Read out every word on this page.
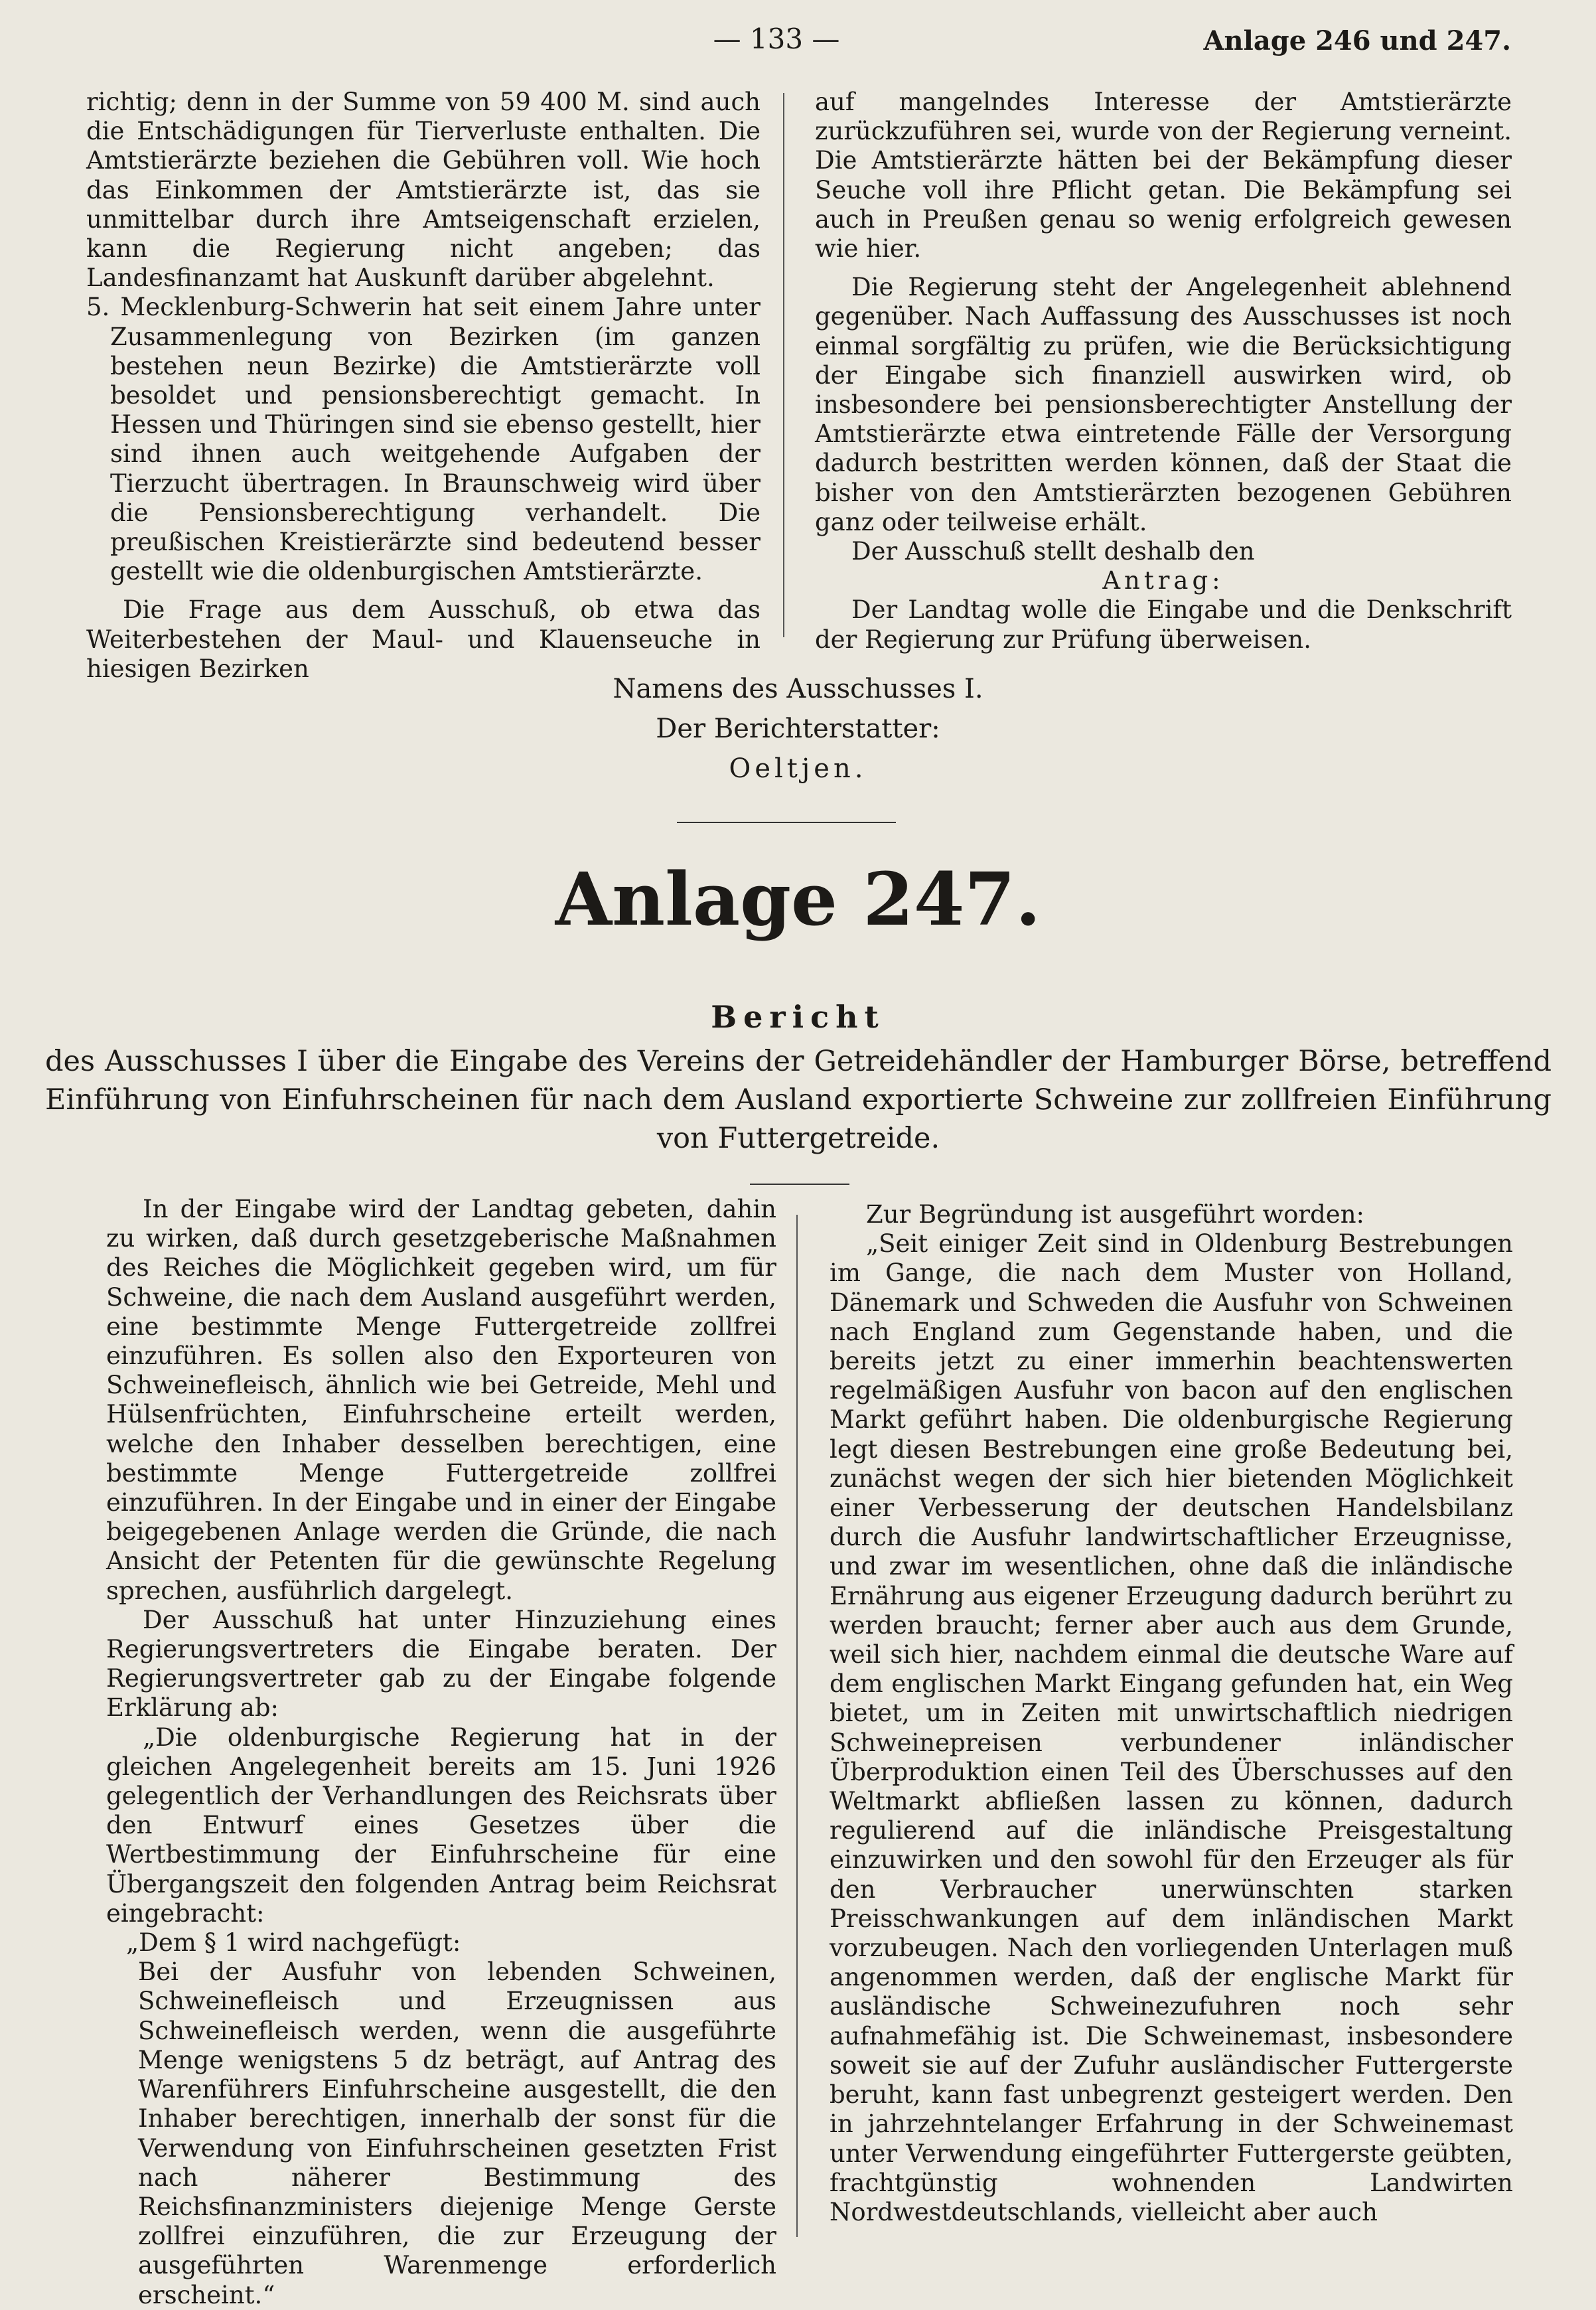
— 133 —	Anlage 246 und 247.

richtig; denn in der Summe von 59 400 M. sind auch die Entschädigungen für Tierverluste enthalten. Die Amtstierärzte beziehen die Gebühren voll. Wie hoch das Einkommen der Amtstierärzte ist, das sie unmittelbar durch ihre Amtseigenschaft erzielen, kann die Regierung nicht angeben; das Landesfinanzamt hat Auskunft darüber abgelehnt.

5. Mecklenburg-Schwerin hat seit einem Jahre unter Zusammenlegung von Bezirken (im ganzen bestehen neun Bezirke) die Amtstierärzte voll besoldet und pensionsberechtigt gemacht. In Hessen und Thüringen sind sie ebenso gestellt, hier sind ihnen auch weitgehende Aufgaben der Tierzucht übertragen. In Braunschweig wird über die Pensionsberechtigung verhandelt. Die preußischen Kreistierärzte sind bedeutend besser gestellt wie die oldenburgischen Amtstierärzte.

Die Frage aus dem Ausschuß, ob etwa das Weiterbestehen der Maul- und Klauenseuche in hiesigen Bezirken

auf mangelndes Interesse der Amtstierärzte zurückzuführen sei, wurde von der Regierung verneint. Die Amtstierärzte hätten bei der Bekämpfung dieser Seuche voll ihre Pflicht getan. Die Bekämpfung sei auch in Preußen genau so wenig erfolgreich gewesen wie hier.

Die Regierung steht der Angelegenheit ablehnend gegenüber. Nach Auffassung des Ausschusses ist noch einmal sorgfältig zu prüfen, wie die Berücksichtigung der Eingabe sich finanziell auswirken wird, ob insbesondere bei pensionsberechtigter Anstellung der Amtstierärzte etwa eintretende Fälle der Versorgung dadurch bestritten werden können, daß der Staat die bisher von den Amtstierärzten bezogenen Gebühren ganz oder teilweise erhält.

Der Ausschuß stellt deshalb den

Antrag:

Der Landtag wolle die Eingabe und die Denkschrift der Regierung zur Prüfung überweisen.

Namens des Ausschusses I.
Der Berichterstatter:
Oeltjen.
Anlage 247.
Bericht
des Ausschusses I über die Eingabe des Vereins der Getreidehändler der Hamburger Börse, betreffend Einführung von Einfuhrscheinen für nach dem Ausland exportierte Schweine zur zollfreien Einführung von Futtergetreide.

In der Eingabe wird der Landtag gebeten, dahin zu wirken, daß durch gesetzgeberische Maßnahmen des Reiches die Möglichkeit gegeben wird, um für Schweine, die nach dem Ausland ausgeführt werden, eine bestimmte Menge Futtergetreide zollfrei einzuführen. Es sollen also den Exporteuren von Schweinefleisch, ähnlich wie bei Getreide, Mehl und Hülsenfrüchten, Einfuhrscheine erteilt werden, welche den Inhaber desselben berechtigen, eine bestimmte Menge Futtergetreide zollfrei einzuführen. In der Eingabe und in einer der Eingabe beigegebenen Anlage werden die Gründe, die nach Ansicht der Petenten für die gewünschte Regelung sprechen, ausführlich dargelegt.

Der Ausschuß hat unter Hinzuziehung eines Regierungsvertreters die Eingabe beraten. Der Regierungsvertreter gab zu der Eingabe folgende Erklärung ab:

„Die oldenburgische Regierung hat in der gleichen Angelegenheit bereits am 15. Juni 1926 gelegentlich der Verhandlungen des Reichsrats über den Entwurf eines Gesetzes über die Wertbestimmung der Einfuhrscheine für eine Übergangszeit den folgenden Antrag beim Reichsrat eingebracht:

„Dem § 1 wird nachgefügt:

Bei der Ausfuhr von lebenden Schweinen, Schweinefleisch und Erzeugnissen aus Schweinefleisch werden, wenn die ausgeführte Menge wenigstens 5 dz beträgt, auf Antrag des Warenführers Einfuhrscheine ausgestellt, die den Inhaber berechtigen, innerhalb der sonst für die Verwendung von Einfuhrscheinen gesetzten Frist nach näherer Bestimmung des Reichsfinanzministers diejenige Menge Gerste zollfrei einzuführen, die zur Erzeugung der ausgeführten Warenmenge erforderlich erscheint.“

Zur Begründung ist ausgeführt worden:

„Seit einiger Zeit sind in Oldenburg Bestrebungen im Gange, die nach dem Muster von Holland, Dänemark und Schweden die Ausfuhr von Schweinen nach England zum Gegenstande haben, und die bereits jetzt zu einer immerhin beachtenswerten regelmäßigen Ausfuhr von bacon auf den englischen Markt geführt haben. Die oldenburgische Regierung legt diesen Bestrebungen eine große Bedeutung bei, zunächst wegen der sich hier bietenden Möglichkeit einer Verbesserung der deutschen Handelsbilanz durch die Ausfuhr landwirtschaftlicher Erzeugnisse, und zwar im wesentlichen, ohne daß die inländische Ernährung aus eigener Erzeugung dadurch berührt zu werden braucht; ferner aber auch aus dem Grunde, weil sich hier, nachdem einmal die deutsche Ware auf dem englischen Markt Eingang gefunden hat, ein Weg bietet, um in Zeiten mit unwirtschaftlich niedrigen Schweinepreisen verbundener inländischer Überproduktion einen Teil des Überschusses auf den Weltmarkt abfließen lassen zu können, dadurch regulierend auf die inländische Preisgestaltung einzuwirken und den sowohl für den Erzeuger als für den Verbraucher unerwünschten starken Preisschwankungen auf dem inländischen Markt vorzubeugen. Nach den vorliegenden Unterlagen muß angenommen werden, daß der englische Markt für ausländische Schweinezufuhren noch sehr aufnahmefähig ist. Die Schweinemast, insbesondere soweit sie auf der Zufuhr ausländischer Futtergerste beruht, kann fast unbegrenzt gesteigert werden. Den in jahrzehntelanger Erfahrung in der Schweinemast unter Verwendung eingeführter Futtergerste geübten, frachtgünstig wohnenden Landwirten Nordwestdeutschlands, vielleicht aber auch
